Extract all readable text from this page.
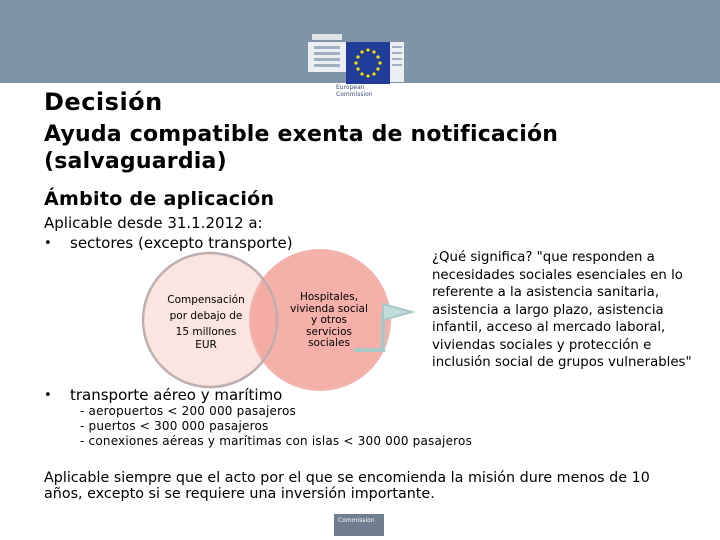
European
Commission
Decisión
Ayuda compatible exenta de notificación (salvaguardia)
Ámbito de aplicación
Aplicable desde 31.1.2012 a:
• sectores (excepto transporte)
Compensación
por debajo de
15 millones
EUR
Hospitales,
vivienda social
y otros
servicios
sociales
¿Qué significa? "que responden a necesidades sociales esenciales en lo referente a la asistencia sanitaria, asistencia a largo plazo, asistencia infantil, acceso al mercado laboral, viviendas sociales y protección e inclusión social de grupos vulnerables"
• transporte aéreo y marítimo
- aeropuertos < 200 000 pasajeros
- puertos < 300 000 pasajeros
- conexiones aéreas y marítimas con islas < 300 000 pasajeros
Aplicable siempre que el acto por el que se encomienda la misión dure menos de 10 años, excepto si se requiere una inversión importante.
Commission
